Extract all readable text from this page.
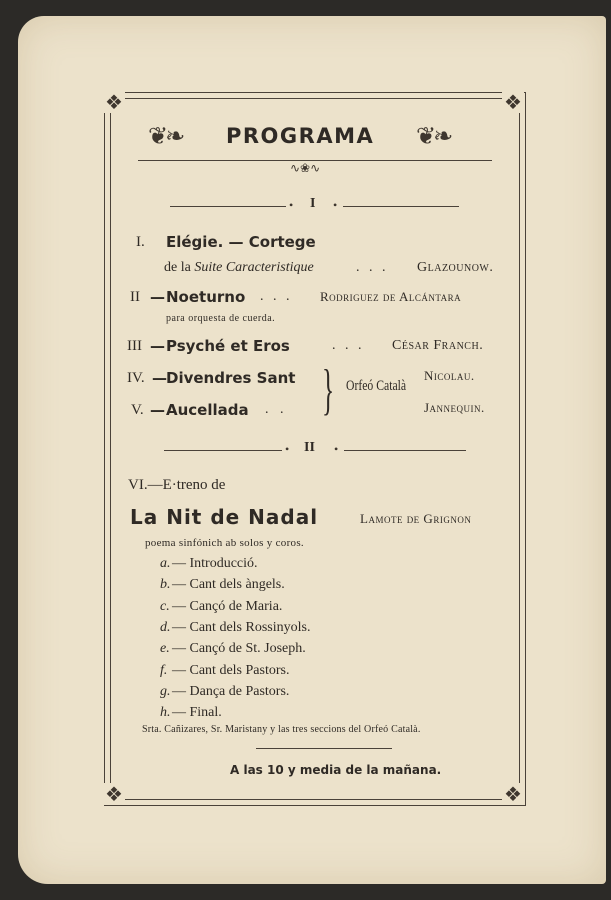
❖	❖
❖	❖
❦❧ PROGRAMA ❦❧
∿❀∿
• I •
I. Elégie. — Cortege
de la Suite Caracteristique	. . . Glazounow.
II — Noeturno . . . Rodriguez de Alcántara
para orquesta de cuerda.
III — Psyché et Eros	. . . César Franch.
IV. — Divendres Sant	Nicolau.
V. — Aucellada . .	Jannequin.
} Orfeó Català
• II •
VI.—E·treno de
La Nit de Nadal	Lamote de Grignon
poema sinfónich ab solos y coros.
a. — Introducció.
b. — Cant dels àngels.
c. — Cançó de Maria.
d. — Cant dels Rossinyols.
e. — Cançó de St. Joseph.
f. — Cant dels Pastors.
g. — Dança de Pastors.
h. — Final.
Srta. Cañizares, Sr. Maristany y las tres seccions del Orfeó Català.
A las 10 y media de la mañana.
